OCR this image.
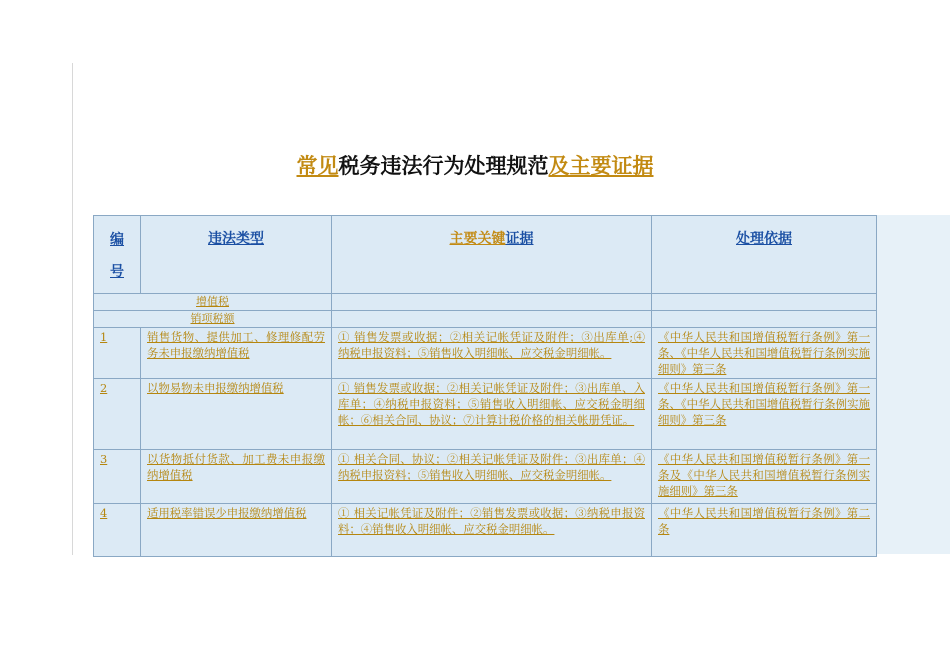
常见税务违法行为处理规范及主要证据
编号	违法类型	主要关键证据	处理依据
增值税			
销项税额			
1	销售货物、提供加工、修理修配劳务未申报缴纳增值税	① 销售发票或收据；②相关记帐凭证及附件；③出库单;④ 纳税申报资料；⑤销售收入明细帐、应交税金明细帐。	《中华人民共和国增值税暂行条例》第一条、《中华人民共和国增值税暂行条例实施细则》第三条
2	以物易物未申报缴纳增值税	① 销售发票或收据；②相关记帐凭证及附件；③出库单、入库单；④纳税申报资料；⑤销售收入明细帐、应交税金明细帐；⑥相关合同、协议；⑦计算计税价格的相关帐册凭证。	《中华人民共和国增值税暂行条例》第一条、《中华人民共和国增值税暂行条例实施细则》第三条
3	以货物抵付货款、加工费未申报缴纳增值税	① 相关合同、协议；②相关记帐凭证及附件；③出库单；④纳税申报资料；⑤销售收入明细帐、应交税金明细帐。	《中华人民共和国增值税暂行条例》第一条及《中华人民共和国增值税暂行条例实施细则》第三条
4	适用税率错误少申报缴纳增值税	① 相关记帐凭证及附件；②销售发票或收据；③纳税申报资料；④销售收入明细帐、应交税金明细帐。	《中华人民共和国增值税暂行条例》第二条
